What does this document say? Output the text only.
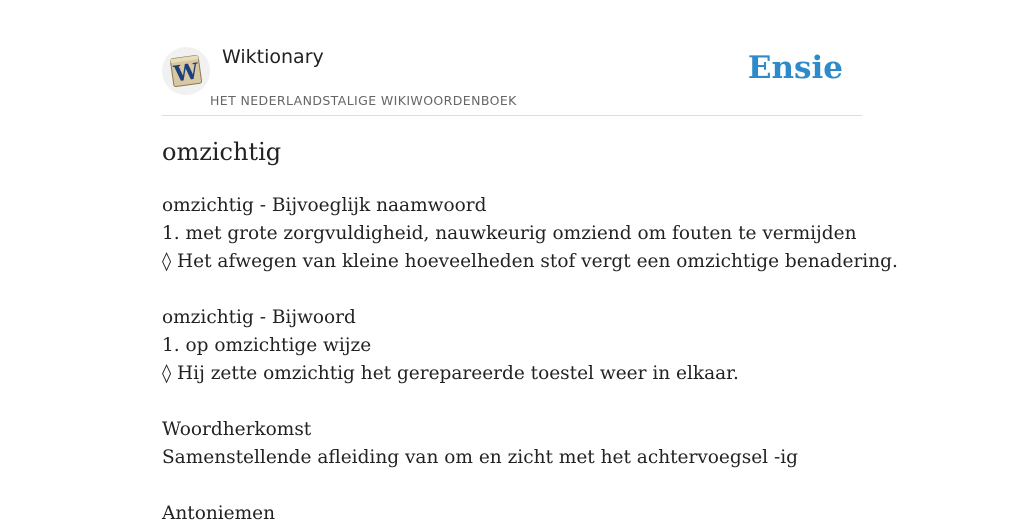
W
Wiktionary
HET NEDERLANDSTALIGE WIKIWOORDENBOEK
Ensie
omzichtig
omzichtig - Bijvoeglijk naamwoord
1. met grote zorgvuldigheid, nauwkeurig omziend om fouten te vermijden
◊ Het afwegen van kleine hoeveelheden stof vergt een omzichtige benadering.
omzichtig - Bijwoord
1. op omzichtige wijze
◊ Hij zette omzichtig het gerepareerde toestel weer in elkaar.
Woordherkomst
Samenstellende afleiding van om en zicht met het achtervoegsel -ig
Antoniemen
